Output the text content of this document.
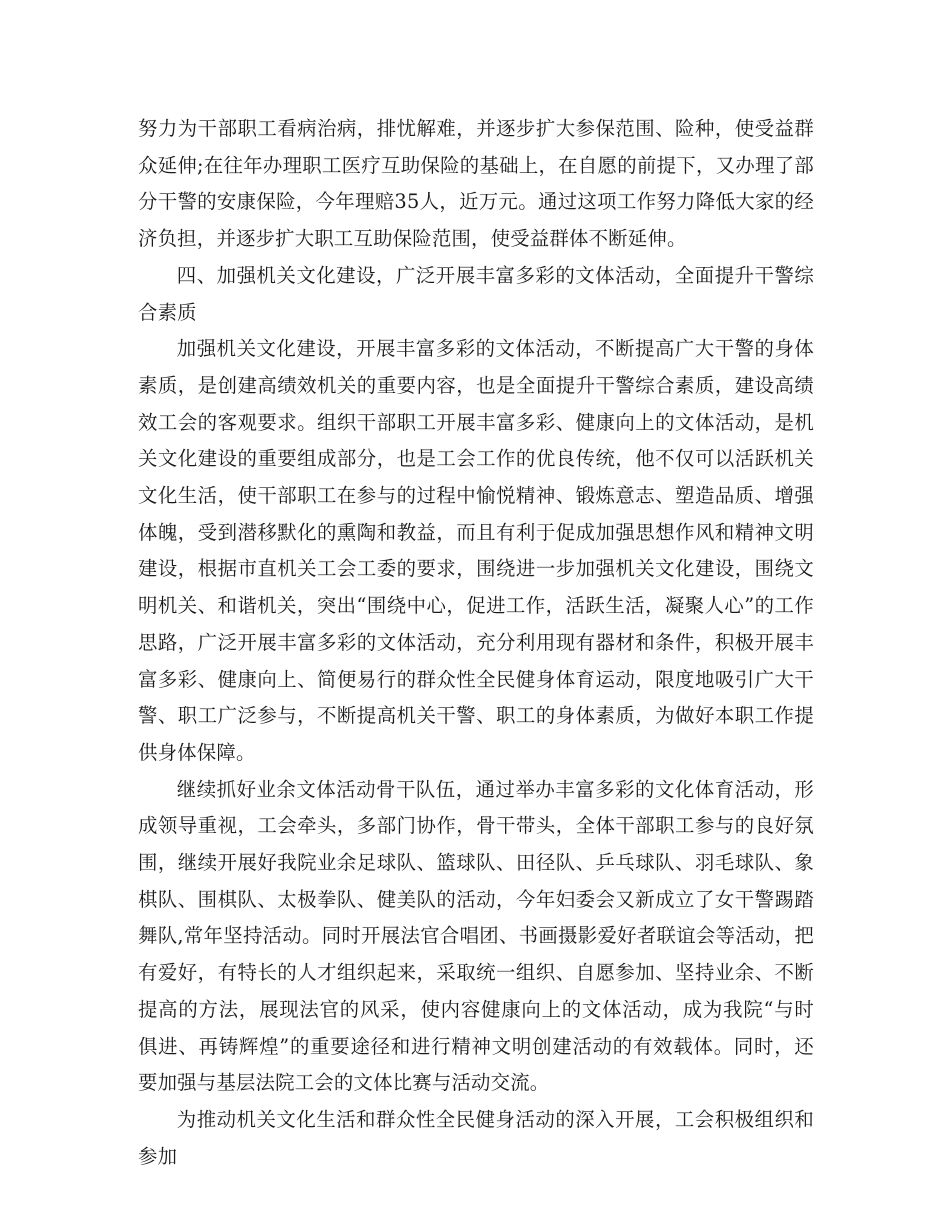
努力为干部职工看病治病，排忧解难，并逐步扩大参保范围、险种，使受益群众延伸;在往年办理职工医疗互助保险的基础上，在自愿的前提下，又办理了部分干警的安康保险，今年理赔35人，近万元。通过这项工作努力降低大家的经济负担，并逐步扩大职工互助保险范围，使受益群体不断延伸。

四、加强机关文化建设，广泛开展丰富多彩的文体活动，全面提升干警综合素质

加强机关文化建设，开展丰富多彩的文体活动，不断提高广大干警的身体素质，是创建高绩效机关的重要内容，也是全面提升干警综合素质，建设高绩效工会的客观要求。组织干部职工开展丰富多彩、健康向上的文体活动，是机关文化建设的重要组成部分，也是工会工作的优良传统，他不仅可以活跃机关文化生活，使干部职工在参与的过程中愉悦精神、锻炼意志、塑造品质、增强体魄，受到潜移默化的熏陶和教益，而且有利于促成加强思想作风和精神文明建设，根据市直机关工会工委的要求，围绕进一步加强机关文化建设，围绕文明机关、和谐机关，突出“围绕中心，促进工作，活跃生活，凝聚人心”的工作思路，广泛开展丰富多彩的文体活动，充分利用现有器材和条件，积极开展丰富多彩、健康向上、简便易行的群众性全民健身体育运动，限度地吸引广大干警、职工广泛参与，不断提高机关干警、职工的身体素质，为做好本职工作提供身体保障。

继续抓好业余文体活动骨干队伍，通过举办丰富多彩的文化体育活动，形成领导重视，工会牵头，多部门协作，骨干带头，全体干部职工参与的良好氛围，继续开展好我院业余足球队、篮球队、田径队、乒乓球队、羽毛球队、象棋队、围棋队、太极拳队、健美队的活动，今年妇委会又新成立了女干警踢踏舞队,常年坚持活动。同时开展法官合唱团、书画摄影爱好者联谊会等活动，把有爱好，有特长的人才组织起来，采取统一组织、自愿参加、坚持业余、不断提高的方法，展现法官的风采，使内容健康向上的文体活动，成为我院“与时俱进、再铸辉煌”的重要途径和进行精神文明创建活动的有效载体。同时，还要加强与基层法院工会的文体比赛与活动交流。

为推动机关文化生活和群众性全民健身活动的深入开展，工会积极组织和参加
